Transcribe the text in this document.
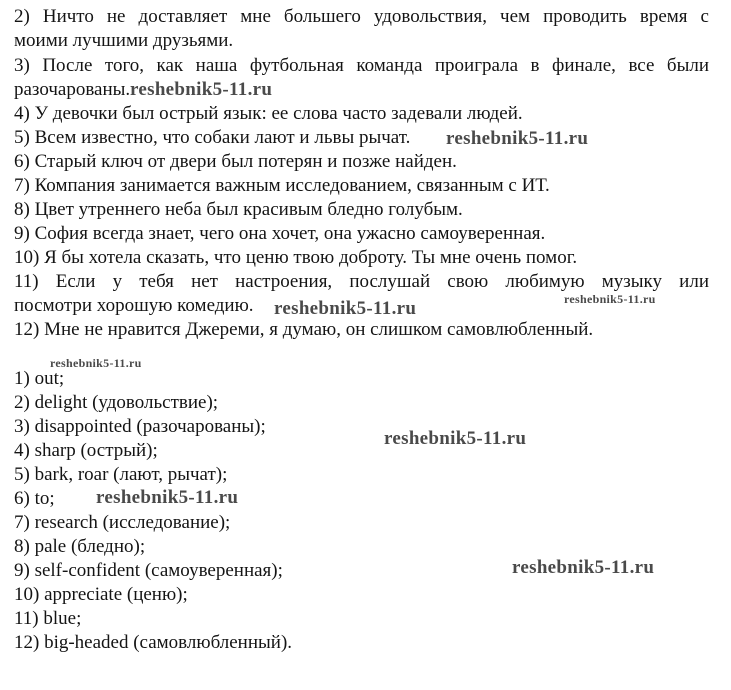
2) Ничто не доставляет мне большего удовольствия, чем проводить время с
моими лучшими друзьями.
3) После того, как наша футбольная команда проиграла в финале, все были
разочарованы.
4) У девочки был острый язык: ее слова часто задевали людей.
5) Всем известно, что собаки лают и львы рычат.
6) Старый ключ от двери был потерян и позже найден.
7) Компания занимается важным исследованием, связанным с ИТ.
8) Цвет утреннего неба был красивым бледно голубым.
9) София всегда знает, чего она хочет, она ужасно самоуверенная.
10) Я бы хотела сказать, что ценю твою доброту. Ты мне очень помог.
11) Если у тебя нет настроения, послушай свою любимую музыку или
посмотри хорошую комедию.
12) Мне не нравится Джереми, я думаю, он слишком самовлюбленный.
1) out;
2) delight (удовольствие);
3) disappointed (разочарованы);
4) sharp (острый);
5) bark, roar (лают, рычат);
6) to;
7) research (исследование);
8) pale (бледно);
9) self-confident (самоуверенная);
10) appreciate (ценю);
11) blue;
12) big-headed (самовлюбленный).
reshebnik5-11.ru
reshebnik5-11.ru
reshebnik5-11.ru	reshebnik5-11.ru
reshebnik5-11.ru
reshebnik5-11.ru
reshebnik5-11.ru
reshebnik5-11.ru
